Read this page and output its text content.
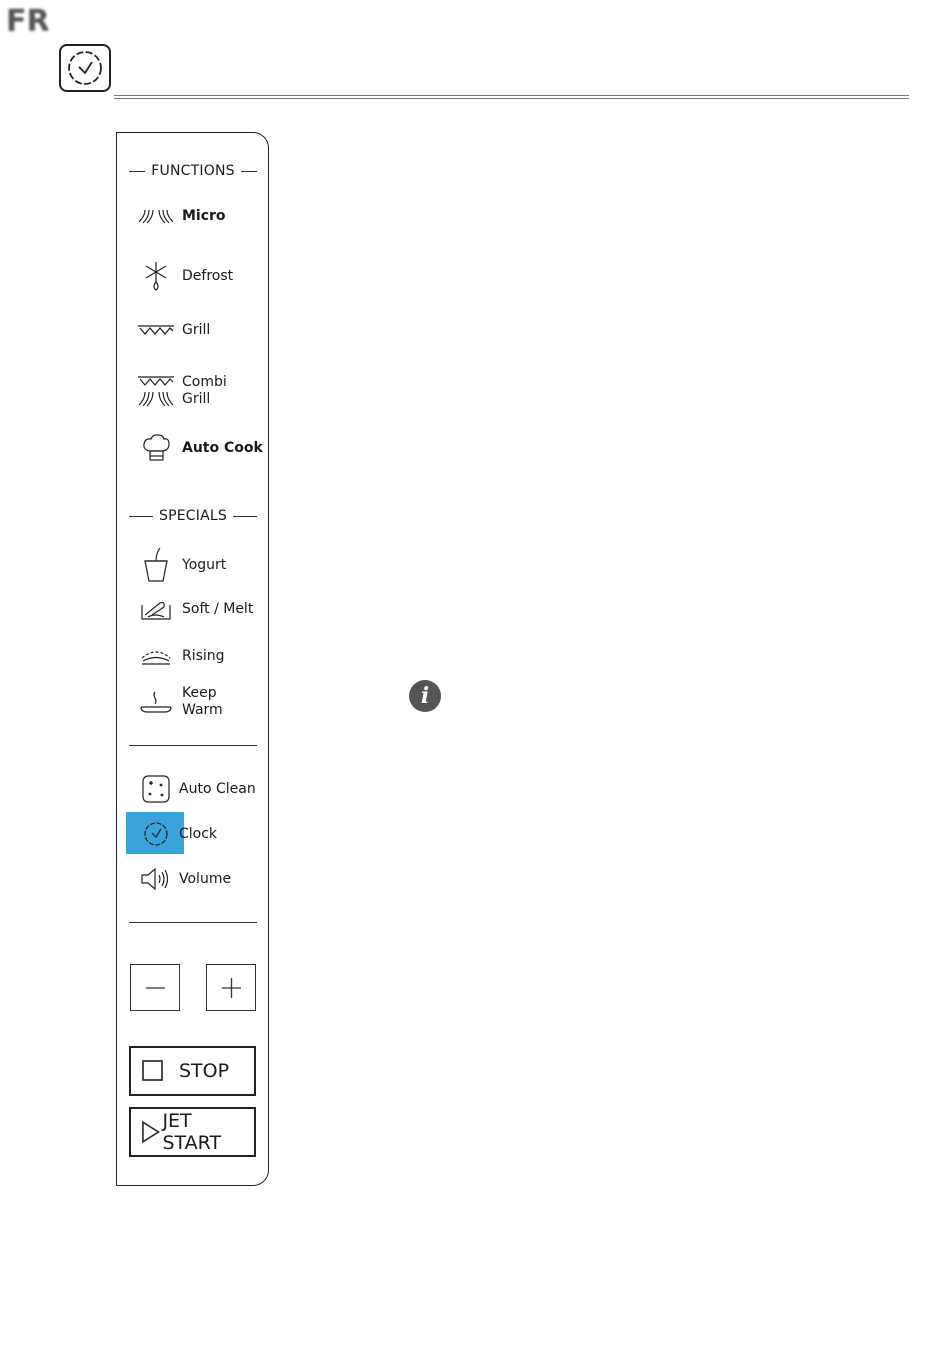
FR
FUNCTIONS
Micro
Defrost
Grill
Combi
Grill
Auto Cook
SPECIALS
Yogurt
Soft / Melt
Rising
Keep
Warm
Auto Clean
Clock
Volume
STOP
JET START
i
